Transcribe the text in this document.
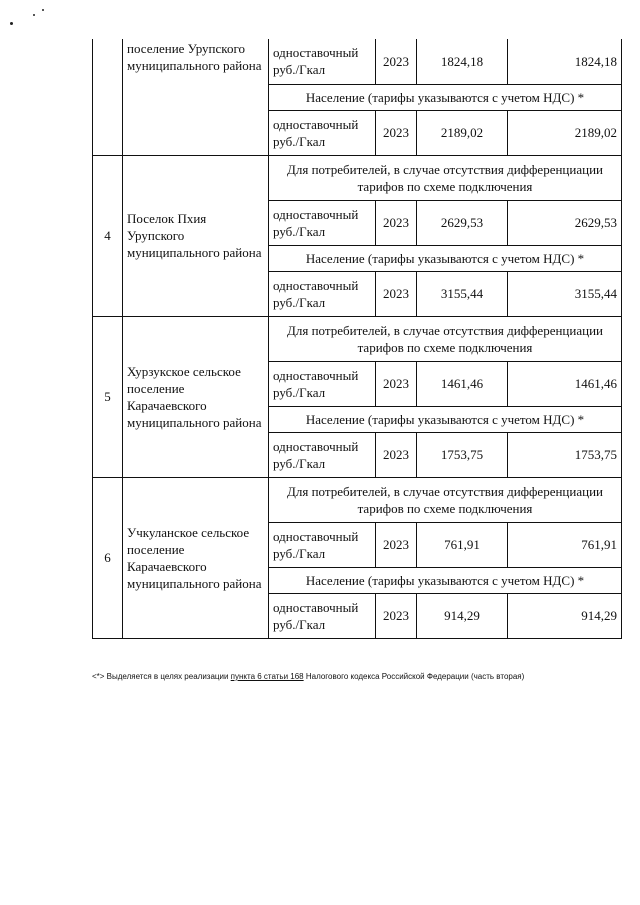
	поселение Урупского муниципального района	одноставочный руб./Гкал	2023	1824,18	1824,18
		Население (тарифы указываются с учетом НДС) *			
		одноставочный руб./Гкал	2023	2189,02	2189,02
4	Поселок Пхия Урупского муниципального района	Для потребителей, в случае отсутствия дифференциации тарифов по схеме подключения			
		одноставочный руб./Гкал	2023	2629,53	2629,53
		Население (тарифы указываются с учетом НДС) *			
		одноставочный руб./Гкал	2023	3155,44	3155,44
5	Хурзукское сельское поселение Карачаевского муниципального района	Для потребителей, в случае отсутствия дифференциации тарифов по схеме подключения			
		одноставочный руб./Гкал	2023	1461,46	1461,46
		Население (тарифы указываются с учетом НДС) *			
		одноставочный руб./Гкал	2023	1753,75	1753,75
6	Учкуланское сельское поселение Карачаевского муниципального района	Для потребителей, в случае отсутствия дифференциации тарифов по схеме подключения			
		одноставочный руб./Гкал	2023	761,91	761,91
		Население (тарифы указываются с учетом НДС) *			
		одноставочный руб./Гкал	2023	914,29	914,29
<*> Выделяется в целях реализации пункта 6 статьи 168 Налогового кодекса Российской Федерации (часть вторая)
